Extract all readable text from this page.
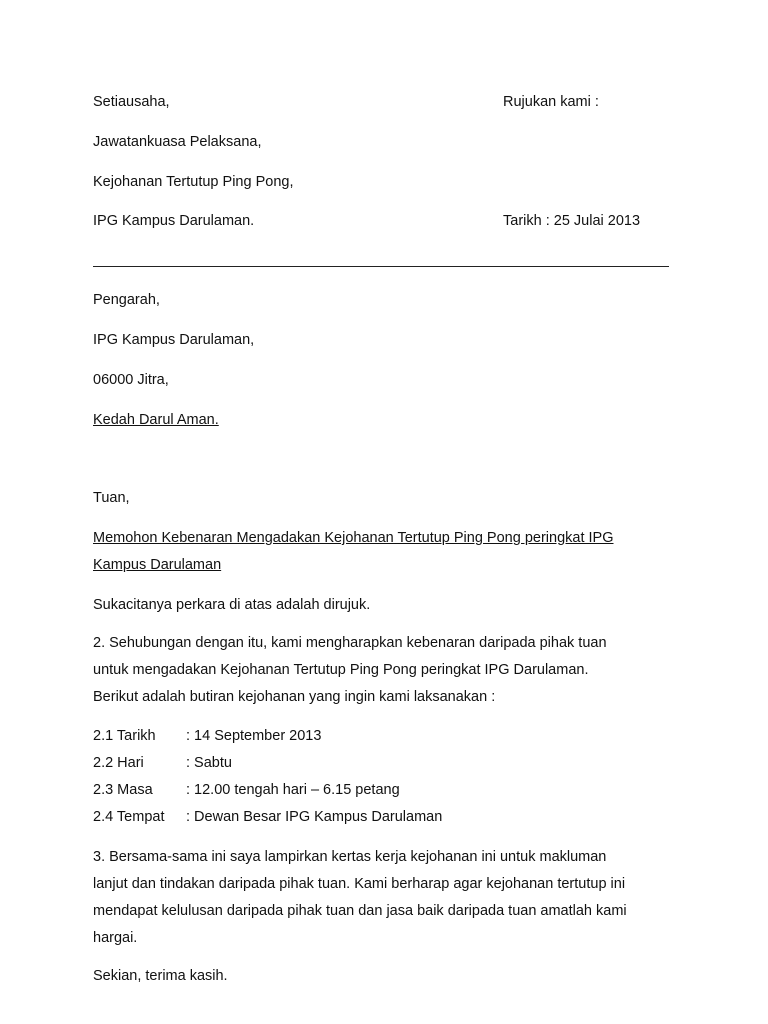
Setiausaha,	Rujukan kami :
Jawatankuasa Pelaksana,
Kejohanan Tertutup Ping Pong,
IPG Kampus Darulaman.	Tarikh : 25 Julai 2013
Pengarah,
IPG Kampus Darulaman,
06000 Jitra,
Kedah Darul Aman.
Tuan,
Memohon Kebenaran Mengadakan Kejohanan Tertutup Ping Pong peringkat IPG
Kampus Darulaman
Sukacitanya perkara di atas adalah dirujuk.
2. Sehubungan dengan itu, kami mengharapkan kebenaran daripada pihak tuan
untuk mengadakan Kejohanan Tertutup Ping Pong peringkat IPG Darulaman.
Berikut adalah butiran kejohanan yang ingin kami laksanakan :
2.1 Tarikh : 14 September 2013
2.2 Hari	: Sabtu
2.3 Masa : 12.00 tengah hari – 6.15 petang
2.4 Tempat : Dewan Besar IPG Kampus Darulaman
3. Bersama-sama ini saya lampirkan kertas kerja kejohanan ini untuk makluman
lanjut dan tindakan daripada pihak tuan. Kami berharap agar kejohanan tertutup ini
mendapat kelulusan daripada pihak tuan dan jasa baik daripada tuan amatlah kami
hargai.
Sekian, terima kasih.
